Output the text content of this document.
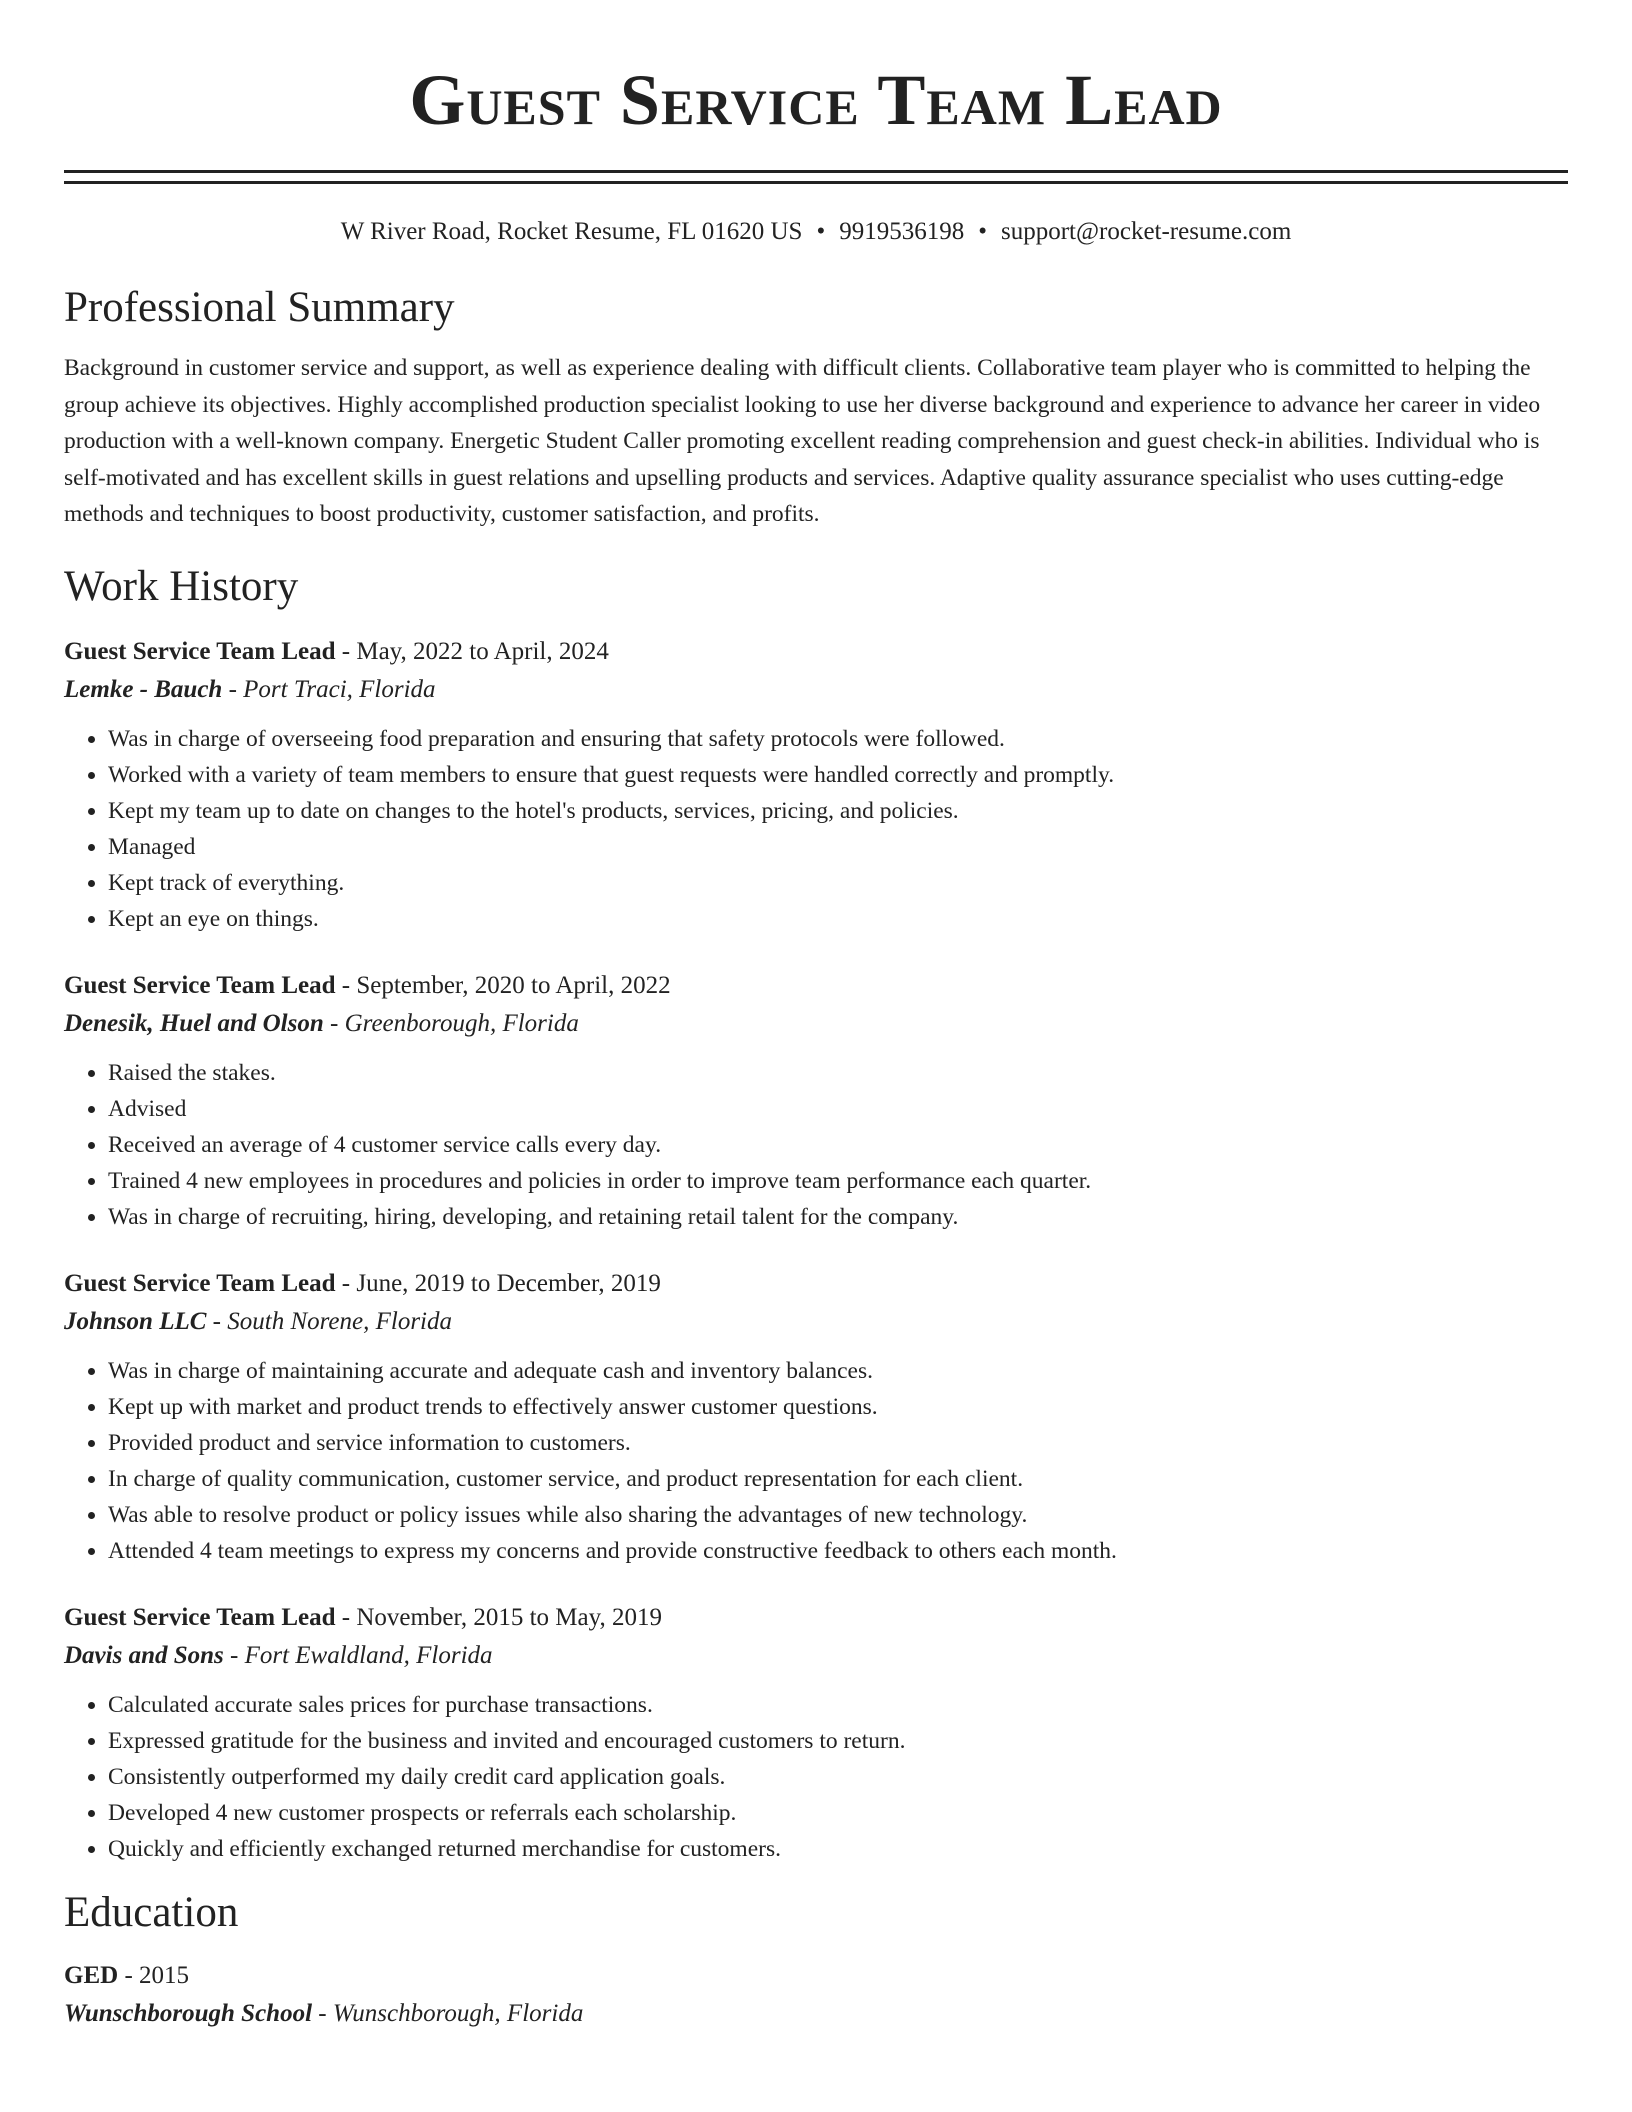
Guest Service Team Lead
W River Road, Rocket Resume, FL 01620 US • 9919536198 • support@rocket-resume.com
Professional Summary
Background in customer service and support, as well as experience dealing with difficult clients. Collaborative team player who is committed to helping the group achieve its objectives. Highly accomplished production specialist looking to use her diverse background and experience to advance her career in video production with a well-known company. Energetic Student Caller promoting excellent reading comprehension and guest check-in abilities. Individual who is self-motivated and has excellent skills in guest relations and upselling products and services. Adaptive quality assurance specialist who uses cutting-edge methods and techniques to boost productivity, customer satisfaction, and profits.
Work History
Guest Service Team Lead - May, 2022 to April, 2024
Lemke - Bauch - Port Traci, Florida
• Was in charge of overseeing food preparation and ensuring that safety protocols were followed.
• Worked with a variety of team members to ensure that guest requests were handled correctly and promptly.
• Kept my team up to date on changes to the hotel's products, services, pricing, and policies.
• Managed
• Kept track of everything.
• Kept an eye on things.
Guest Service Team Lead - September, 2020 to April, 2022
Denesik, Huel and Olson - Greenborough, Florida
• Raised the stakes.
• Advised
• Received an average of 4 customer service calls every day.
• Trained 4 new employees in procedures and policies in order to improve team performance each quarter.
• Was in charge of recruiting, hiring, developing, and retaining retail talent for the company.
Guest Service Team Lead - June, 2019 to December, 2019
Johnson LLC - South Norene, Florida
• Was in charge of maintaining accurate and adequate cash and inventory balances.
• Kept up with market and product trends to effectively answer customer questions.
• Provided product and service information to customers.
• In charge of quality communication, customer service, and product representation for each client.
• Was able to resolve product or policy issues while also sharing the advantages of new technology.
• Attended 4 team meetings to express my concerns and provide constructive feedback to others each month.
Guest Service Team Lead - November, 2015 to May, 2019
Davis and Sons - Fort Ewaldland, Florida
• Calculated accurate sales prices for purchase transactions.
• Expressed gratitude for the business and invited and encouraged customers to return.
• Consistently outperformed my daily credit card application goals.
• Developed 4 new customer prospects or referrals each scholarship.
• Quickly and efficiently exchanged returned merchandise for customers.
Education
GED - 2015
Wunschborough School - Wunschborough, Florida
